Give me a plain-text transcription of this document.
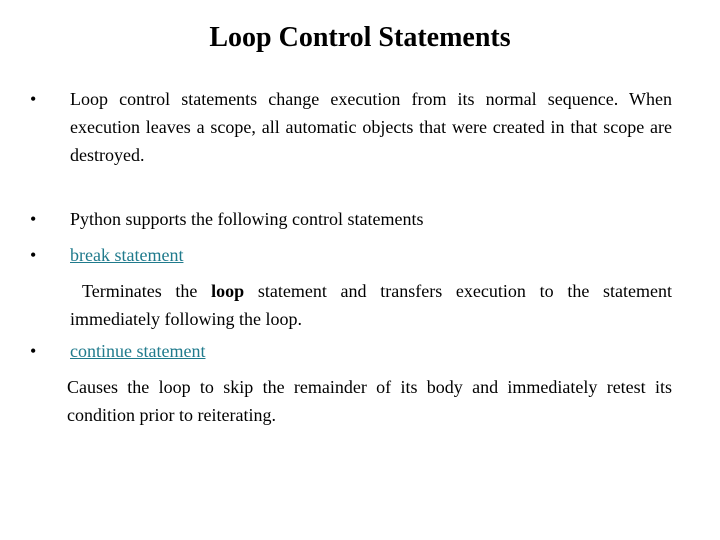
Loop Control Statements
•	Loop control statements change execution from its normal sequence. When execution leaves a scope, all automatic objects that were created in that scope are destroyed.
•	Python supports the following control statements
•	break statement
Terminates the loop statement and transfers execution to the statement immediately following the loop.
•	continue statement
Causes the loop to skip the remainder of its body and immediately retest its condition prior to reiterating.
